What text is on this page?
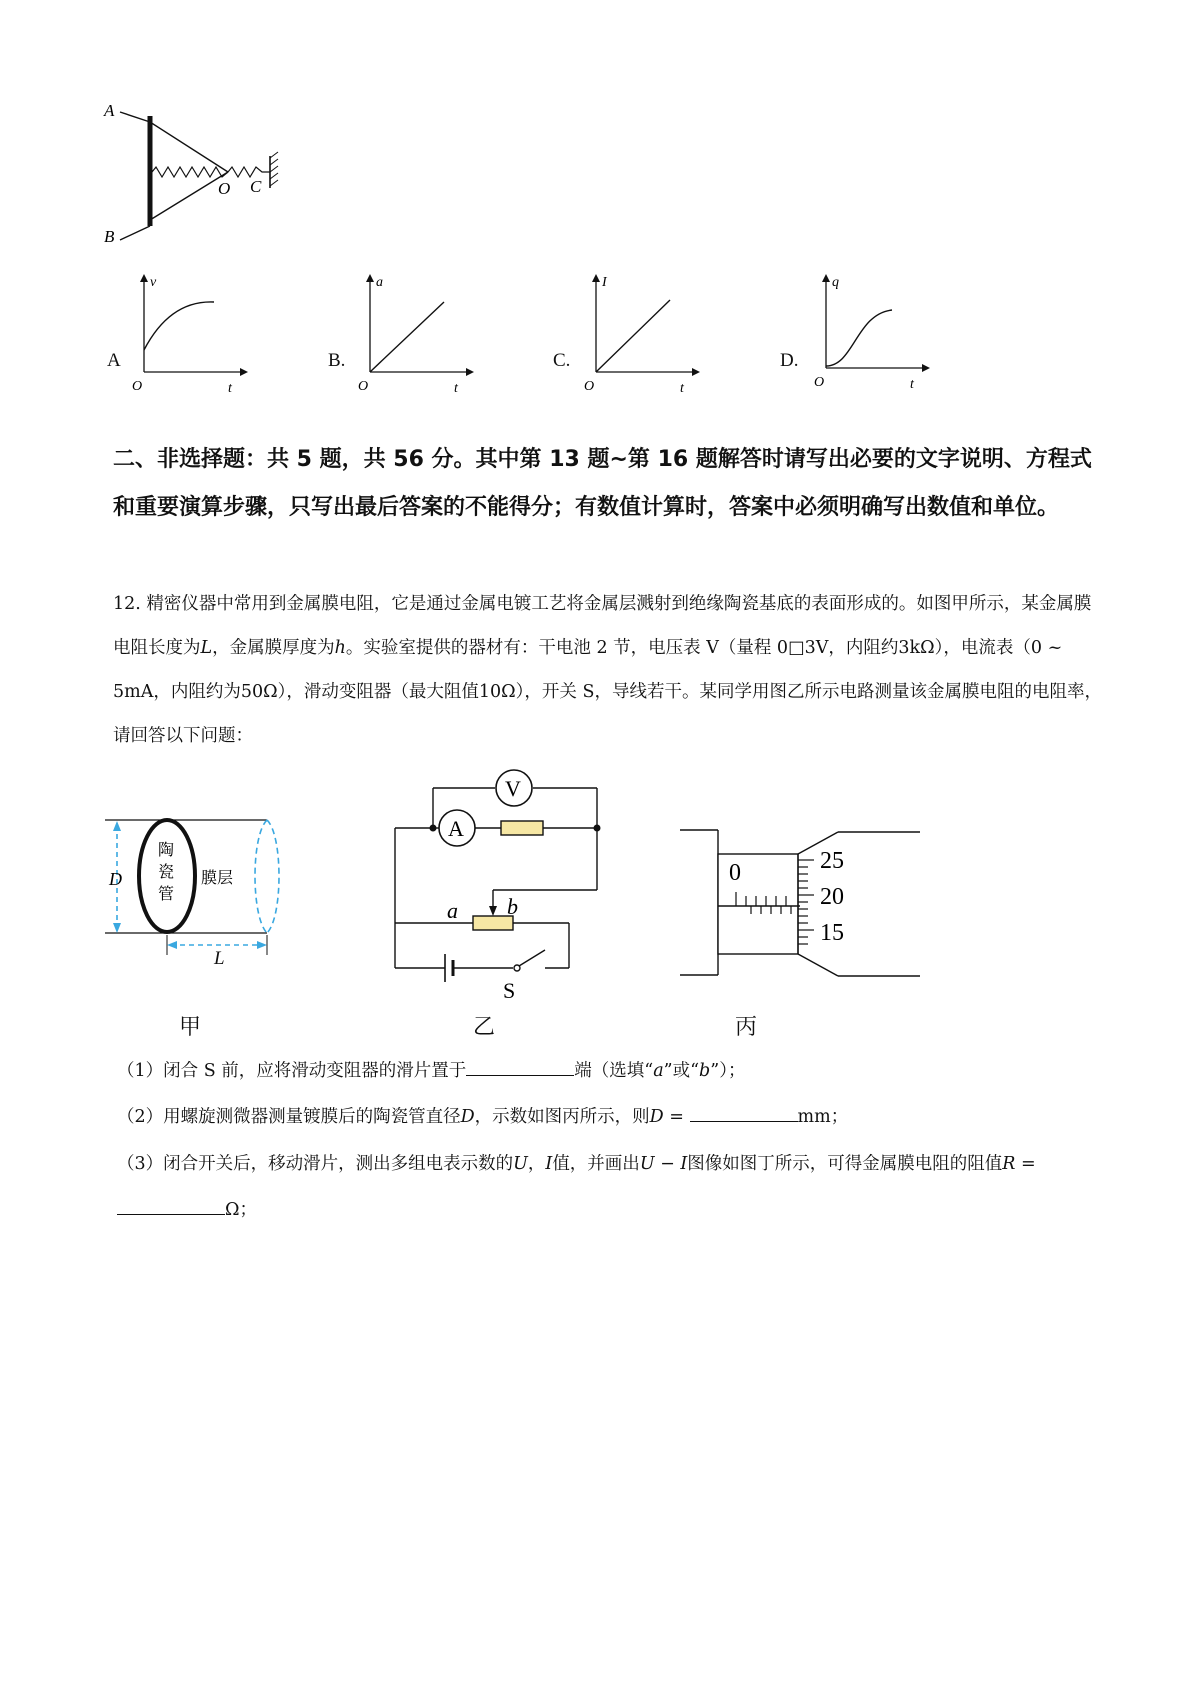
A
B
O C
A
v
t
O
B.
a
t
O
C.
I
t
O
D.
q
t
O
二、非选择题：共 5 题，共 56 分。其中第 13 题~第 16 题解答时请写出必要的文字说明、方程式和重要演算步骤，只写出最后答案的不能得分；有数值计算时，答案中必须明确写出数值和单位。
12. 精密仪器中常用到金属膜电阻，它是通过金属电镀工艺将金属层溅射到绝缘陶瓷基底的表面形成的。如图甲所示，某金属膜电阻长度为L，金属膜厚度为h。实验室提供的器材有：干电池 2 节，电压表 V（量程 0□3V，内阻约3kΩ），电流表（0 ~ 5mA，内阻约为50Ω），滑动变阻器（最大阻值10Ω），开关 S，导线若干。某同学用图乙所示电路测量该金属膜电阻的电阻率，请回答以下问题：
D
陶
瓷
管
膜层
L
甲
V
A
a b
S
乙
0	25
20
15
丙
（1）闭合 S 前，应将滑动变阻器的滑片置于	端（选填“a”或“b”）；
（2）用螺旋测微器测量镀膜后的陶瓷管直径D，示数如图丙所示，则D =	mm；
（3）闭合开关后，移动滑片，测出多组电表示数的U，I值，并画出U − I图像如图丁所示，可得金属膜电阻的阻值R = Ω；
